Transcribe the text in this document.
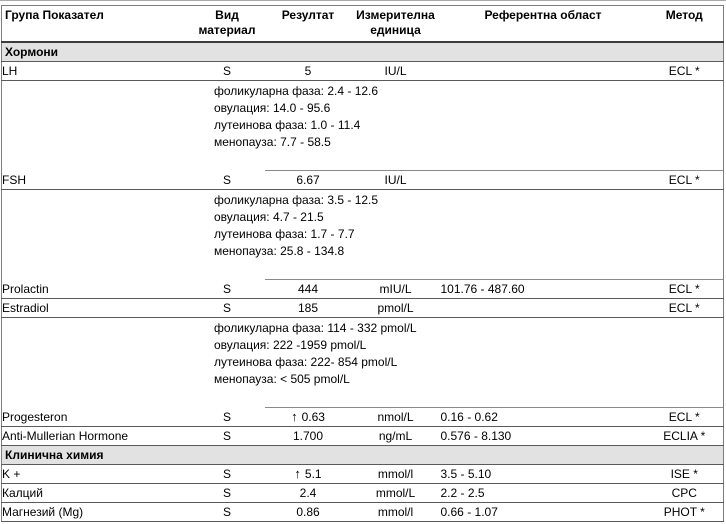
Група Показател	Вид материал	Резултат	Измерителна единица	Референтна област	Метод
Хормони					
LH	S	5	IU/L		ECL *

фоликуларна фаза: 2.4 - 12.6
овулация: 14.0 - 95.6
лутеинова фаза: 1.0 - 11.4
менопауза: 7.7 - 58.5					

FSH	S	6.67	IU/L		ECL *

фоликуларна фаза: 3.5 - 12.5
овулация: 4.7 - 21.5
лутеинова фаза: 1.7 - 7.7
менопауза: 25.8 - 134.8					

Prolactin	S	444	mIU/L	101.76 - 487.60	ECL *
Estradiol	S	185	pmol/L		ECL *

фоликуларна фаза: 114 - 332 pmol/L
овулация: 222 -1959 pmol/L
лутеинова фаза: 222- 854 pmol/L
менопауза: < 505 pmol/L					

Progesteron	S	↑ 0.63	nmol/L	0.16 - 0.62	ECL *
Anti-Mullerian Hormone	S	1.700	ng/mL	0.576 - 8.130	ECLIA *
Клинична химия					
K +	S	↑ 5.1	mmol/l	3.5 - 5.10	ISE *
Калций	S	2.4	mmol/L	2.2 - 2.5	CPC
Магнезий (Mg)	S	0.86	mmol/l	0.66 - 1.07	PHOT *
